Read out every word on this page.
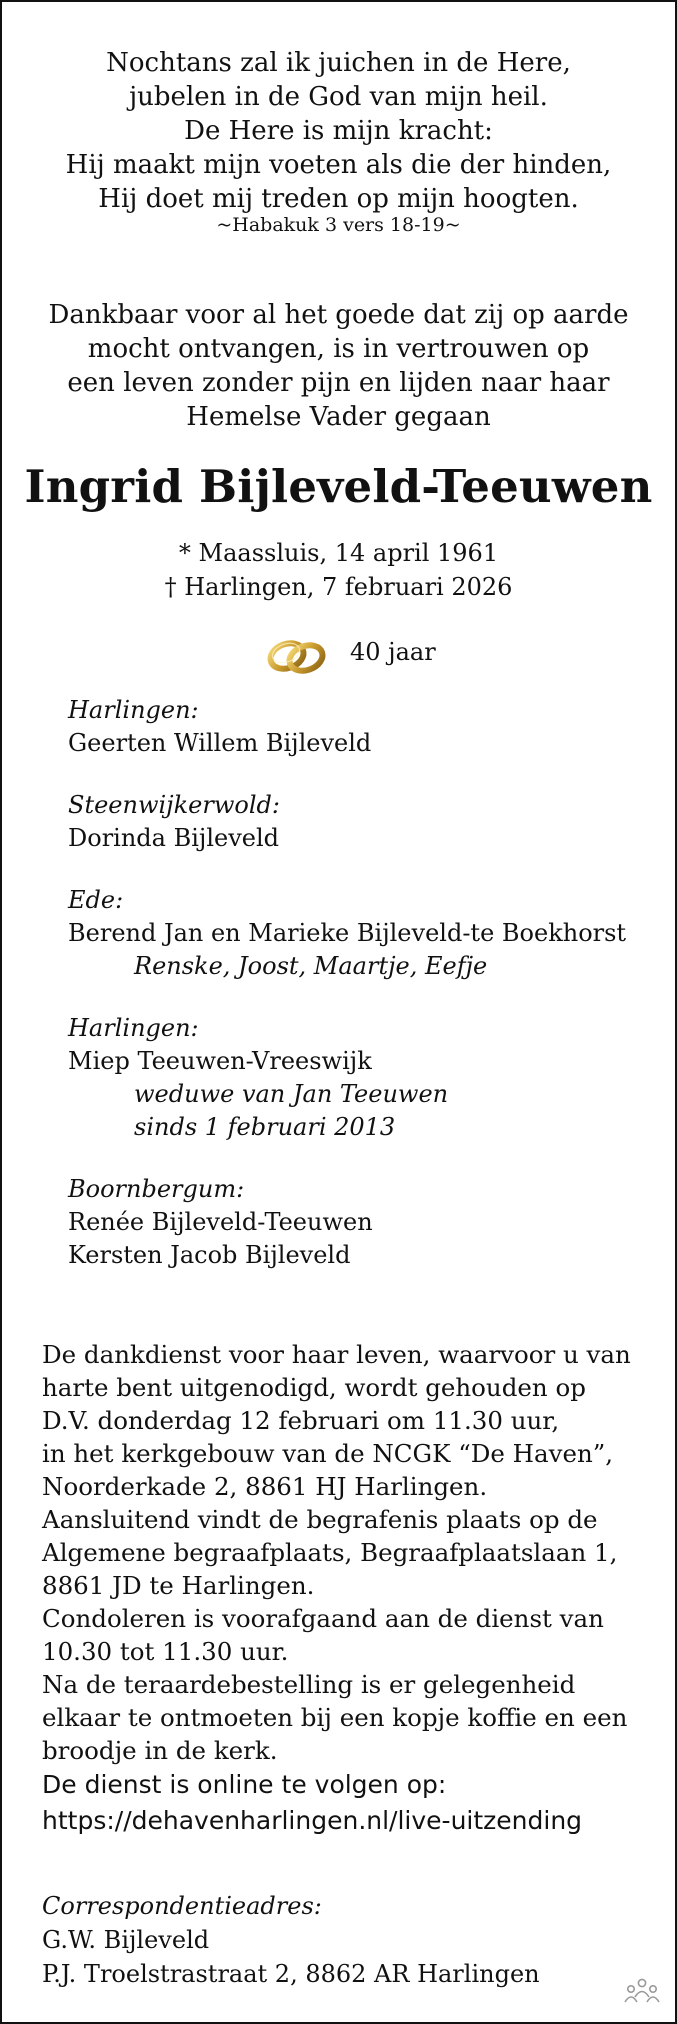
Nochtans zal ik juichen in de Here,
jubelen in de God van mijn heil.
De Here is mijn kracht:
Hij maakt mijn voeten als die der hinden,
Hij doet mij treden op mijn hoogten.
~Habakuk 3 vers 18-19~
Dankbaar voor al het goede dat zij op aarde
mocht ontvangen, is in vertrouwen op
een leven zonder pijn en lijden naar haar
Hemelse Vader gegaan
Ingrid Bijleveld-Teeuwen
* Maassluis, 14 april 1961
† Harlingen, 7 februari 2026
40 jaar
Harlingen:
Geerten Willem Bijleveld
Steenwijkerwold:
Dorinda Bijleveld
Ede:
Berend Jan en Marieke Bijleveld-te Boekhorst
Renske, Joost, Maartje, Eefje
Harlingen:
Miep Teeuwen-Vreeswijk
weduwe van Jan Teeuwen
sinds 1 februari 2013
Boornbergum:
Renée Bijleveld-Teeuwen
Kersten Jacob Bijleveld
De dankdienst voor haar leven, waarvoor u van
harte bent uitgenodigd, wordt gehouden op
D.V. donderdag 12 februari om 11.30 uur,
in het kerkgebouw van de NCGK “De Haven”,
Noorderkade 2, 8861 HJ Harlingen.
Aansluitend vindt de begrafenis plaats op de
Algemene begraafplaats, Begraafplaatslaan 1,
8861 JD te Harlingen.
Condoleren is voorafgaand aan de dienst van
10.30 tot 11.30 uur.
Na de teraardebestelling is er gelegenheid
elkaar te ontmoeten bij een kopje koffie en een
broodje in de kerk.
De dienst is online te volgen op:
https://dehavenharlingen.nl/live-uitzending
Correspondentieadres:
G.W. Bijleveld
P.J. Troelstrastraat 2, 8862 AR Harlingen
